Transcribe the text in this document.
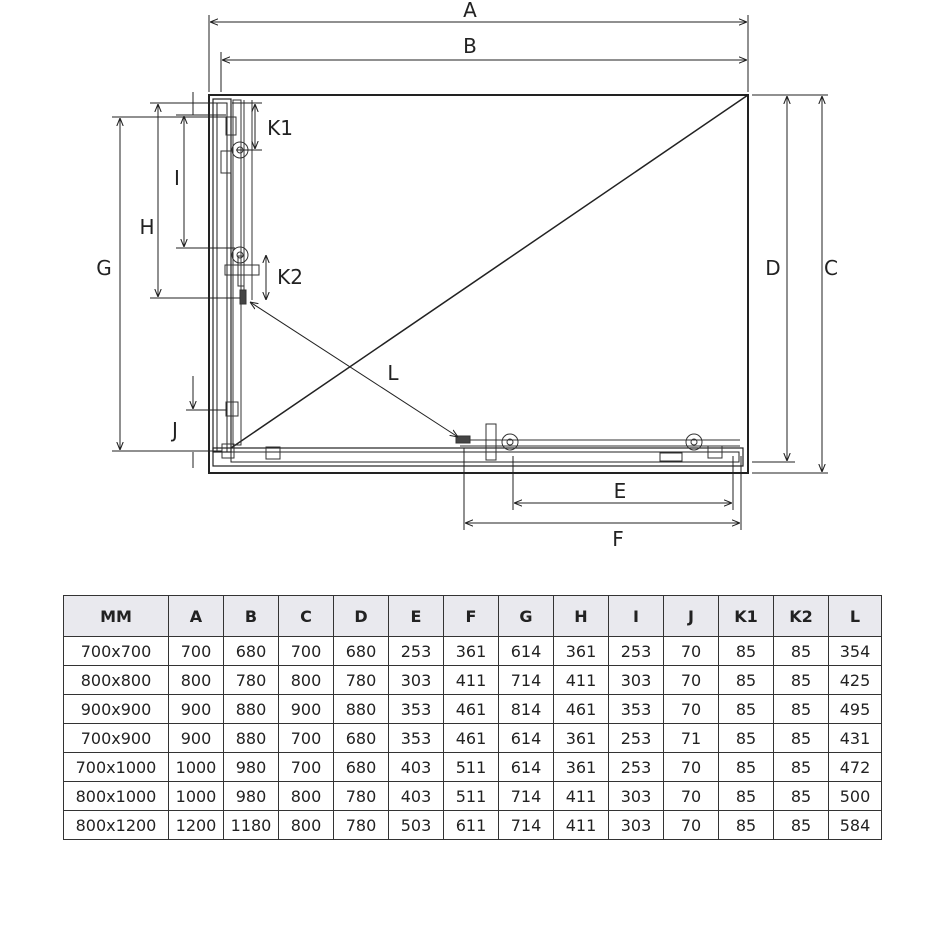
A
B
D C
G
H
I
J
K1
K2
L
E
F
MM	A	B	C	D	E	F	G	H	I	J	K1	K2	L
700x700	700	680	700	680	253	361	614	361	253	70	85	85	354
800x800	800	780	800	780	303	411	714	411	303	70	85	85	425
900x900	900	880	900	880	353	461	814	461	353	70	85	85	495
700x900	900	880	700	680	353	461	614	361	253	71	85	85	431
700x1000	1000	980	700	680	403	511	614	361	253	70	85	85	472
800x1000	1000	980	800	780	403	511	714	411	303	70	85	85	500
800x1200	1200	1180	800	780	503	611	714	411	303	70	85	85	584
